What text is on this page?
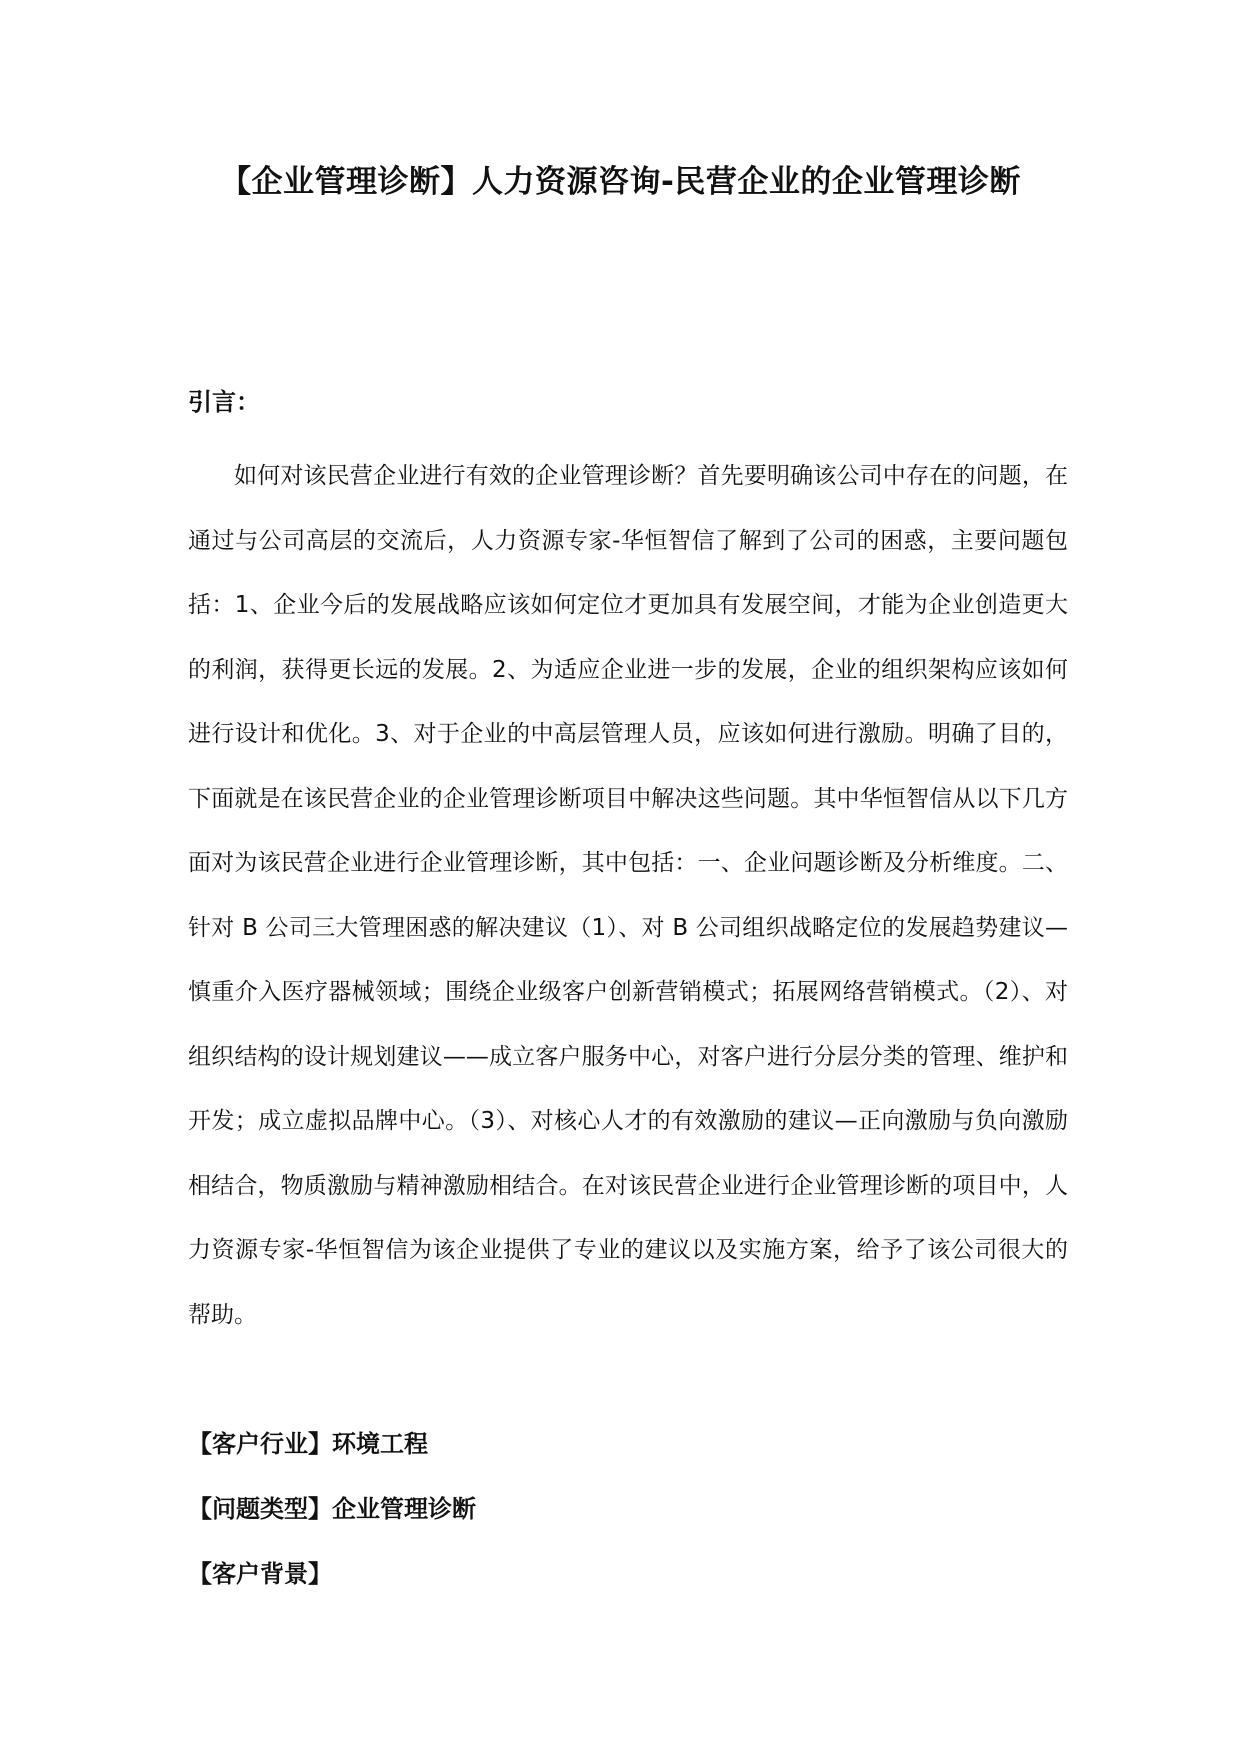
【企业管理诊断】人力资源咨询-民营企业的企业管理诊断
引言：

如何对该民营企业进行有效的企业管理诊断？首先要明确该公司中存在的问题，在通过与公司高层的交流后，人力资源专家-华恒智信了解到了公司的困惑，主要问题包括：1、企业今后的发展战略应该如何定位才更加具有发展空间，才能为企业创造更大的利润，获得更长远的发展。2、为适应企业进一步的发展，企业的组织架构应该如何进行设计和优化。3、对于企业的中高层管理人员，应该如何进行激励。明确了目的，下面就是在该民营企业的企业管理诊断项目中解决这些问题。其中华恒智信从以下几方面对为该民营企业进行企业管理诊断，其中包括：一、企业问题诊断及分析维度。二、针对 B 公司三大管理困惑的解决建议（1）、对 B 公司组织战略定位的发展趋势建议—慎重介入医疗器械领域；围绕企业级客户创新营销模式；拓展网络营销模式。（2）、对组织结构的设计规划建议——成立客户服务中心，对客户进行分层分类的管理、维护和开发；成立虚拟品牌中心。（3）、对核心人才的有效激励的建议—正向激励与负向激励相结合，物质激励与精神激励相结合。在对该民营企业进行企业管理诊断的项目中，人力资源专家-华恒智信为该企业提供了专业的建议以及实施方案，给予了该公司很大的帮助。

【客户行业】环境工程

【问题类型】企业管理诊断

【客户背景】
